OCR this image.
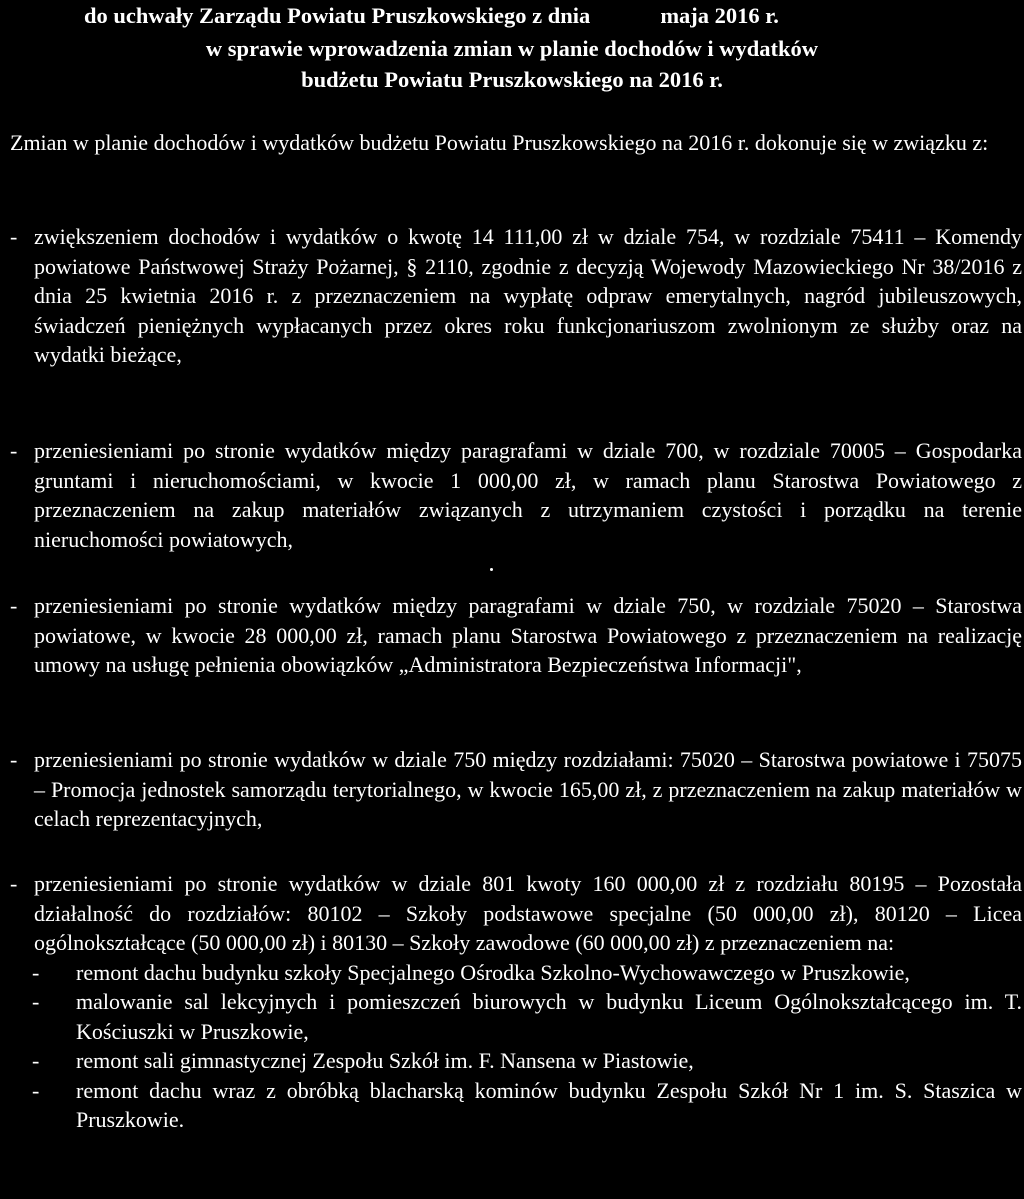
do uchwały Zarządu Powiatu Pruszkowskiego z dnia	maja 2016 r.
w sprawie wprowadzenia zmian w planie dochodów i wydatków
budżetu Powiatu Pruszkowskiego na 2016 r.
Zmian w planie dochodów i wydatków budżetu Powiatu Pruszkowskiego na 2016 r. dokonuje się w związku z:
- zwiększeniem dochodów i wydatków o kwotę 14 111,00 zł w dziale 754, w rozdziale 75411 – Komendy powiatowe Państwowej Straży Pożarnej, § 2110, zgodnie z decyzją Wojewody Mazowieckiego Nr 38/2016 z dnia 25 kwietnia 2016 r. z przeznaczeniem na wypłatę odpraw emerytalnych, nagród jubileuszowych, świadczeń pieniężnych wypłacanych przez okres roku funkcjonariuszom zwolnionym ze służby oraz na wydatki bieżące,
- przeniesieniami po stronie wydatków między paragrafami w dziale 700, w rozdziale 70005 – Gospodarka gruntami i nieruchomościami, w kwocie 1 000,00 zł, w ramach planu Starostwa Powiatowego z przeznaczeniem na zakup materiałów związanych z utrzymaniem czystości i porządku na terenie nieruchomości powiatowych,
- przeniesieniami po stronie wydatków między paragrafami w dziale 750, w rozdziale 75020 – Starostwa powiatowe, w kwocie 28 000,00 zł, ramach planu Starostwa Powiatowego z przeznaczeniem na realizację umowy na usługę pełnienia obowiązków „Administratora Bezpieczeństwa Informacji",
- przeniesieniami po stronie wydatków w dziale 750 między rozdziałami: 75020 – Starostwa powiatowe i 75075 – Promocja jednostek samorządu terytorialnego, w kwocie 165,00 zł, z przeznaczeniem na zakup materiałów w celach reprezentacyjnych,
- przeniesieniami po stronie wydatków w dziale 801 kwoty 160 000,00 zł z rozdziału 80195 – Pozostała działalność do rozdziałów: 80102 – Szkoły podstawowe specjalne (50 000,00 zł), 80120 – Licea ogólnokształcące (50 000,00 zł) i 80130 – Szkoły zawodowe (60 000,00 zł) z przeznaczeniem na:
- remont dachu budynku szkoły Specjalnego Ośrodka Szkolno-Wychowawczego w Pruszkowie,
- malowanie sal lekcyjnych i pomieszczeń biurowych w budynku Liceum Ogólnokształcącego im. T. Kościuszki w Pruszkowie,
- remont sali gimnastycznej Zespołu Szkół im. F. Nansena w Piastowie,
- remont dachu wraz z obróbką blacharską kominów budynku Zespołu Szkół Nr 1 im. S. Staszica w Pruszkowie.
